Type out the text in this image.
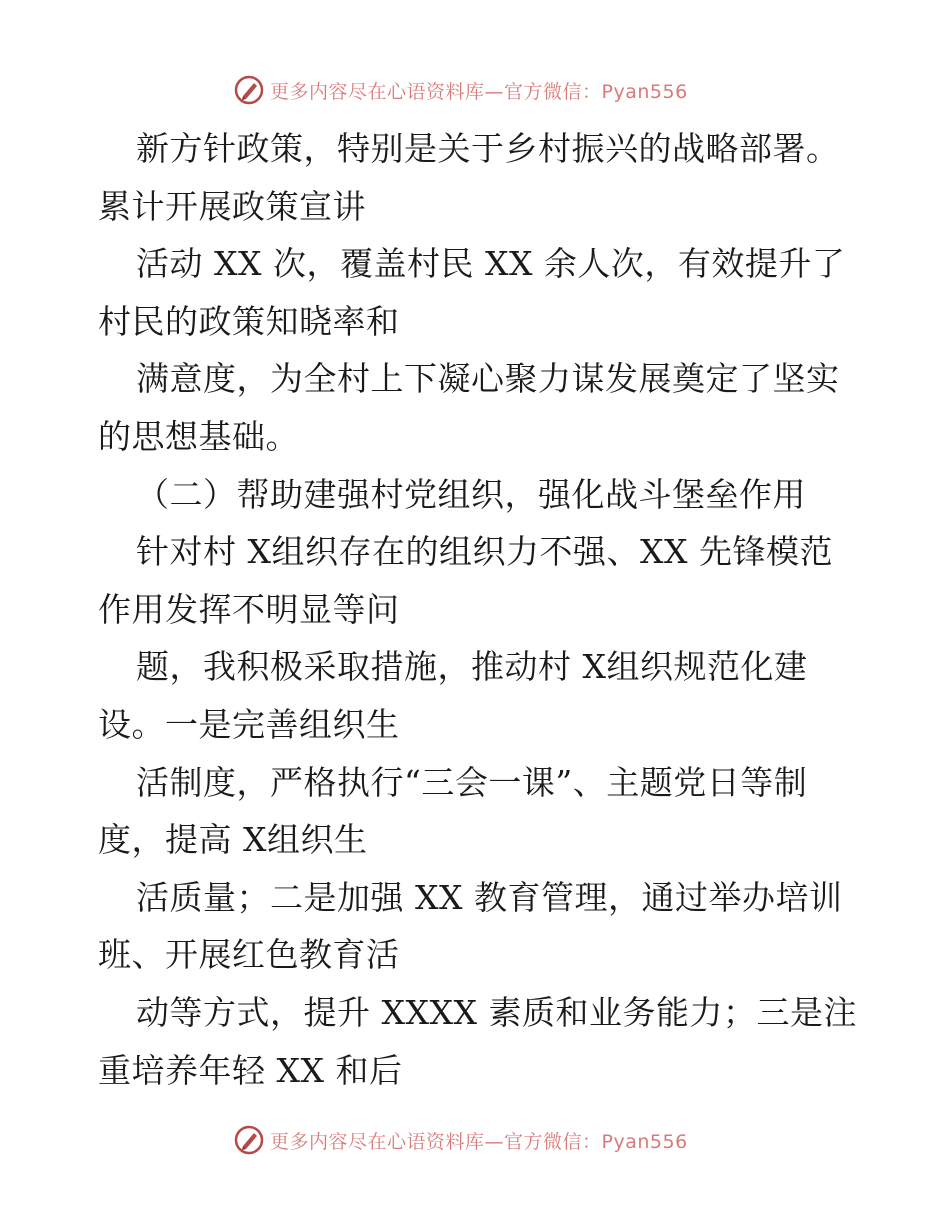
更多内容尽在心语资料库—官方微信：Pyan556
新方针政策，特别是关于乡村振兴的战略部署。
累计开展政策宣讲
活动 XX 次，覆盖村民 XX 余人次，有效提升了
村民的政策知晓率和
满意度，为全村上下凝心聚力谋发展奠定了坚实
的思想基础。
（二）帮助建强村党组织，强化战斗堡垒作用
针对村 X组织存在的组织力不强、XX 先锋模范
作用发挥不明显等问
题，我积极采取措施，推动村 X组织规范化建
设。一是完善组织生
活制度，严格执行“三会一课”、主题党日等制
度，提高 X组织生
活质量；二是加强 XX 教育管理，通过举办培训
班、开展红色教育活
动等方式，提升 XXXX 素质和业务能力；三是注
重培养年轻 XX 和后
更多内容尽在心语资料库—官方微信：Pyan556
